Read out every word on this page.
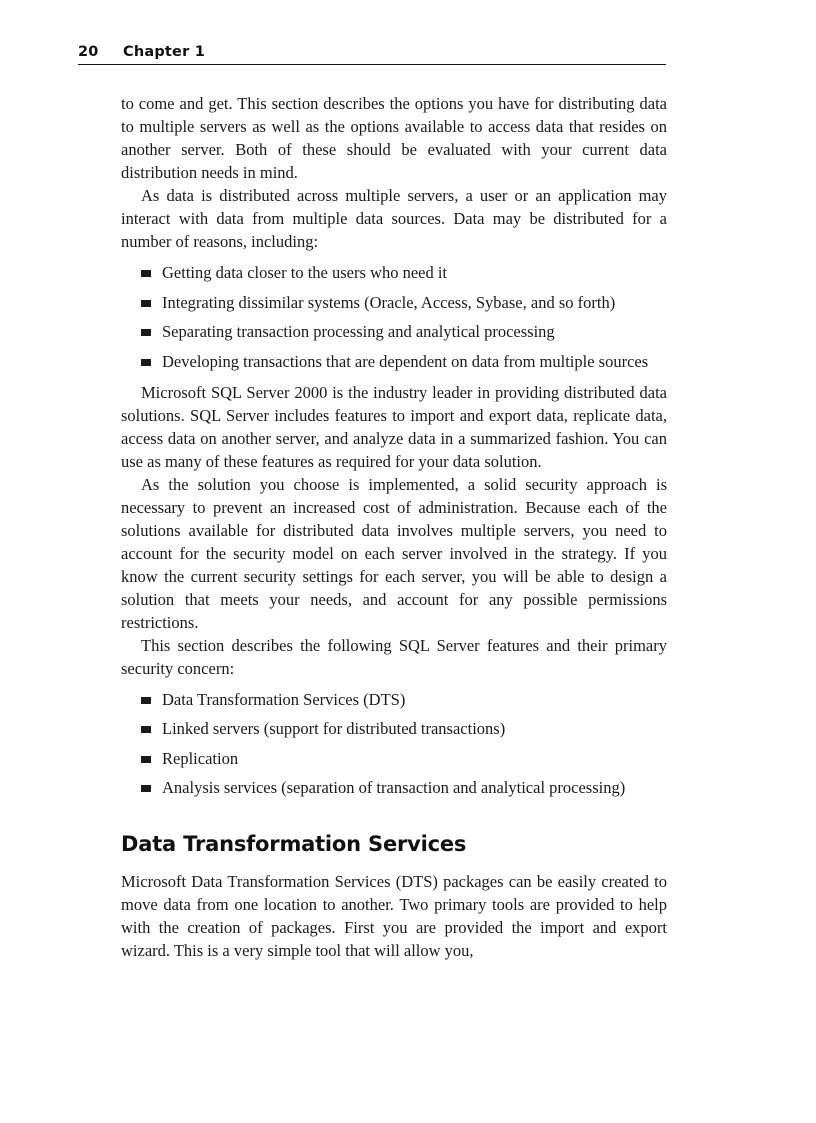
20 Chapter 1

to come and get. This section describes the options you have for distributing data to multiple servers as well as the options available to access data that resides on another server. Both of these should be evaluated with your current data distribution needs in mind.

As data is distributed across multiple servers, a user or an application may interact with data from multiple data sources. Data may be distributed for a number of reasons, including:

Getting data closer to the users who need it
Integrating dissimilar systems (Oracle, Access, Sybase, and so forth)
Separating transaction processing and analytical processing
Developing transactions that are dependent on data from multiple sources

Microsoft SQL Server 2000 is the industry leader in providing distributed data solutions. SQL Server includes features to import and export data, replicate data, access data on another server, and analyze data in a summarized fashion. You can use as many of these features as required for your data solution.

As the solution you choose is implemented, a solid security approach is necessary to prevent an increased cost of administration. Because each of the solutions available for distributed data involves multiple servers, you need to account for the security model on each server involved in the strategy. If you know the current security settings for each server, you will be able to design a solution that meets your needs, and account for any possible permissions restrictions.

This section describes the following SQL Server features and their primary security concern:

Data Transformation Services (DTS)
Linked servers (support for distributed transactions)
Replication
Analysis services (separation of transaction and analytical processing)
Data Transformation Services

Microsoft Data Transformation Services (DTS) packages can be easily created to move data from one location to another. Two primary tools are provided to help with the creation of packages. First you are provided the import and export wizard. This is a very simple tool that will allow you,
